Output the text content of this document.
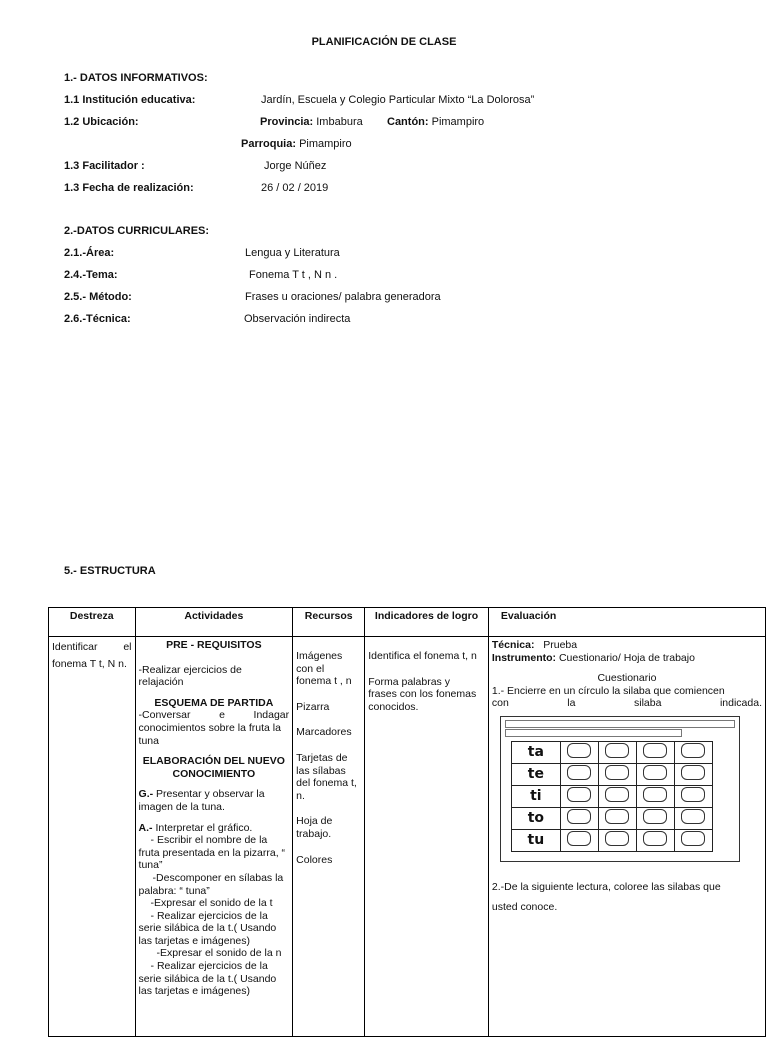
PLANIFICACIÓN DE CLASE
1.- DATOS INFORMATIVOS:
1.1 Institución educativa:	Jardín, Escuela y Colegio Particular Mixto “La Dolorosa”
1.2 Ubicación:	Provincia: Imbabura Cantón: Pimampiro
Parroquia: Pimampiro
1.3 Facilitador :	Jorge Núñez
1.3 Fecha de realización:	26 / 02 / 2019
2.-DATOS CURRICULARES:
2.1.-Área:	Lengua y Literatura
2.4.-Tema:	Fonema T t , N n .
2.5.- Método:	Frases u oraciones/ palabra generadora
2.6.-Técnica:	Observación indirecta
5.- ESTRUCTURA
Destreza	Actividades	Recursos	Indicadores de logro	Evaluación

Identificar el
fonema T t, N n.

PRE - REQUISITOS
-Realizar ejercicios de relajación
ESQUEMA DE PARTIDA
-Conversar e Indagar
conocimientos sobre la fruta la
tuna
ELABORACIÓN DEL NUEVO
CONOCIMIENTO
G.- Presentar y observar la
imagen de la tuna.
A.- Interpretar el gráfico.
- Escribir el nombre de la
fruta presentada en la pizarra, “
tuna”
-Descomponer en sílabas la
palabra: “ tuna”
-Expresar el sonido de la t
- Realizar ejercicios de la
serie silábica de la t.( Usando
las tarjetas e imágenes)
-Expresar el sonido de la n
- Realizar ejercicios de la
serie silábica de la t.( Usando
las tarjetas e imágenes)

Imágenes
con el
fonema t , n
Pizarra
Marcadores
Tarjetas de
las sílabas
del fonema t,
n.
Hoja de
trabajo.
Colores

Identifica el fonema t, n
Forma palabras y
frases con los fonemas
conocidos.

Técnica: Prueba
Instrumento: Cuestionario/ Hoja de trabajo
Cuestionario
1.- Encierre en un círculo la silaba que comiencen
con la silaba indicada.
ta				
te				
ti				
to				
tu				
2.-De la siguiente lectura, coloree las silabas que
usted conoce.
